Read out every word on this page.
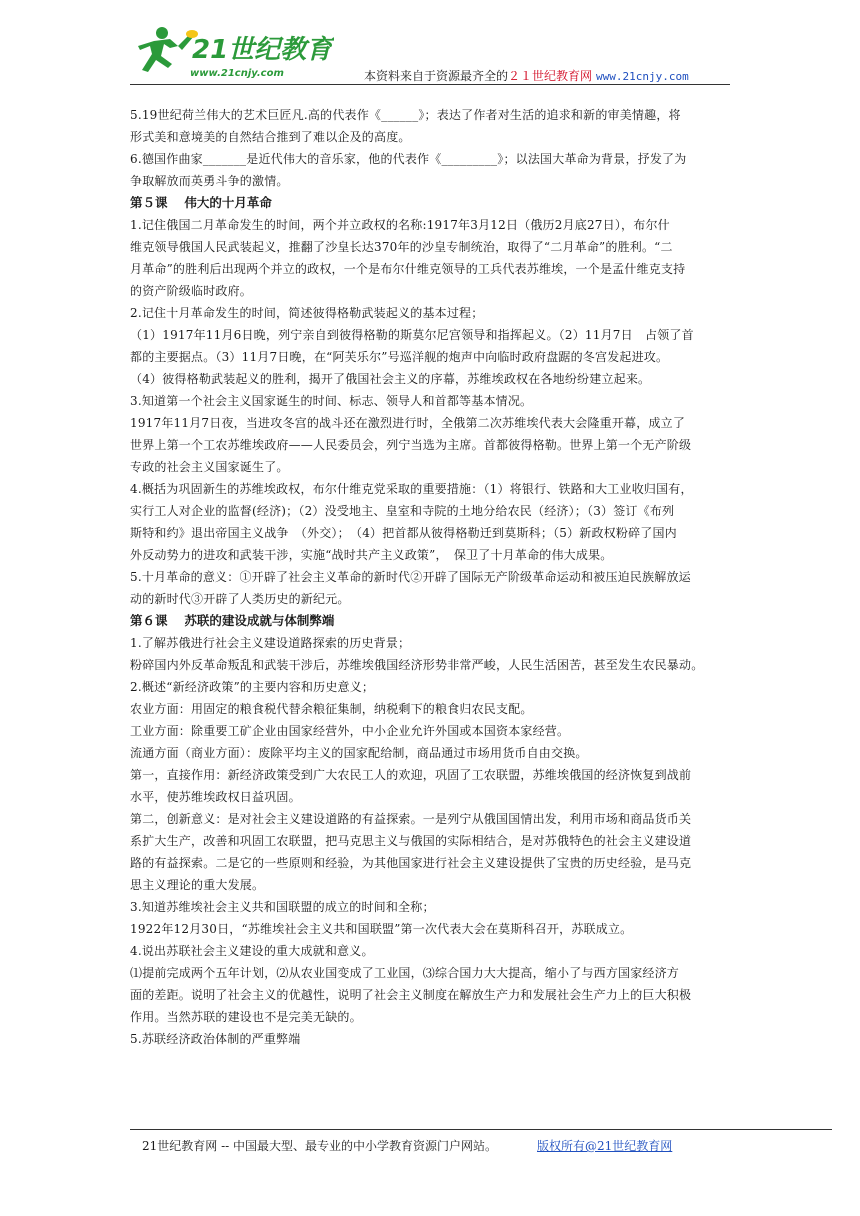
21世纪教育
www.21cnjy.com	本资料来自于资源最齐全的２１世纪教育网 www.21cnjy.com

5.19世纪荷兰伟大的艺术巨匠凡.高的代表作《______》；表达了作者对生活的追求和新的审美情趣，将

形式美和意境美的自然结合推到了难以企及的高度。

6.德国作曲家_______是近代伟大的音乐家，他的代表作《_________》；以法国大革命为背景，抒发了为

争取解放而英勇斗争的激情。

第５课　 伟大的十月革命

1.记住俄国二月革命发生的时间，两个并立政权的名称:1917年3月12日（俄历2月底27日），布尔什

维克领导俄国人民武装起义，推翻了沙皇长达370年的沙皇专制统治，取得了“二月革命”的胜利。“二

月革命”的胜利后出现两个并立的政权，一个是布尔什维克领导的工兵代表苏维埃，一个是孟什维克支持

的资产阶级临时政府。

2.记住十月革命发生的时间，简述彼得格勒武装起义的基本过程；

（1）1917年11月6日晚，列宁亲自到彼得格勒的斯莫尔尼宫领导和指挥起义。（2）11月7日　占领了首

都的主要据点。（3）11月7日晚，在“阿芙乐尔”号巡洋舰的炮声中向临时政府盘踞的冬宫发起进攻。

（4）彼得格勒武装起义的胜利，揭开了俄国社会主义的序幕，苏维埃政权在各地纷纷建立起来。

3.知道第一个社会主义国家诞生的时间、标志、领导人和首都等基本情况。

1917年11月7日夜，当进攻冬宫的战斗还在激烈进行时，全俄第二次苏维埃代表大会隆重开幕，成立了

世界上第一个工农苏维埃政府——人民委员会，列宁当选为主席。首都彼得格勒。世界上第一个无产阶级

专政的社会主义国家诞生了。

4.概括为巩固新生的苏维埃政权，布尔什维克党采取的重要措施：（1）将银行、铁路和大工业收归国有，

实行工人对企业的监督(经济)；（2）没受地主、皇室和寺院的土地分给农民（经济）；（3）签订《布列

斯特和约》退出帝国主义战争　（外交）；　（4）把首都从彼得格勒迁到莫斯科；（5）新政权粉碎了国内

外反动势力的进攻和武装干涉，实施“战时共产主义政策”，　保卫了十月革命的伟大成果。

5.十月革命的意义：①开辟了社会主义革命的新时代②开辟了国际无产阶级革命运动和被压迫民族解放运

动的新时代③开辟了人类历史的新纪元。

第６课　 苏联的建设成就与体制弊端

1.了解苏俄进行社会主义建设道路探索的历史背景；

粉碎国内外反革命叛乱和武装干涉后，苏维埃俄国经济形势非常严峻，人民生活困苦，甚至发生农民暴动。

2.概述“新经济政策”的主要内容和历史意义；

农业方面：用固定的粮食税代替余粮征集制，纳税剩下的粮食归农民支配。

工业方面：除重要工矿企业由国家经营外，中小企业允许外国或本国资本家经营。

流通方面（商业方面）：废除平均主义的国家配给制，商品通过市场用货币自由交换。

第一，直接作用：新经济政策受到广大农民工人的欢迎，巩固了工农联盟，苏维埃俄国的经济恢复到战前

水平，使苏维埃政权日益巩固。

第二，创新意义：是对社会主义建设道路的有益探索。一是列宁从俄国国情出发，利用市场和商品货币关

系扩大生产，改善和巩固工农联盟，把马克思主义与俄国的实际相结合，是对苏俄特色的社会主义建设道

路的有益探索。二是它的一些原则和经验，为其他国家进行社会主义建设提供了宝贵的历史经验，是马克

思主义理论的重大发展。

3.知道苏维埃社会主义共和国联盟的成立的时间和全称；

1922年12月30日，“苏维埃社会主义共和国联盟”第一次代表大会在莫斯科召开，苏联成立。

4.说出苏联社会主义建设的重大成就和意义。

⑴提前完成两个五年计划，⑵从农业国变成了工业国，⑶综合国力大大提高，缩小了与西方国家经济方

面的差距。说明了社会主义的优越性，说明了社会主义制度在解放生产力和发展社会生产力上的巨大积极

作用。当然苏联的建设也不是完美无缺的。

5.苏联经济政治体制的严重弊端

21世纪教育网 -- 中国最大型、最专业的中小学教育资源门户网站。	版权所有@21世纪教育网
